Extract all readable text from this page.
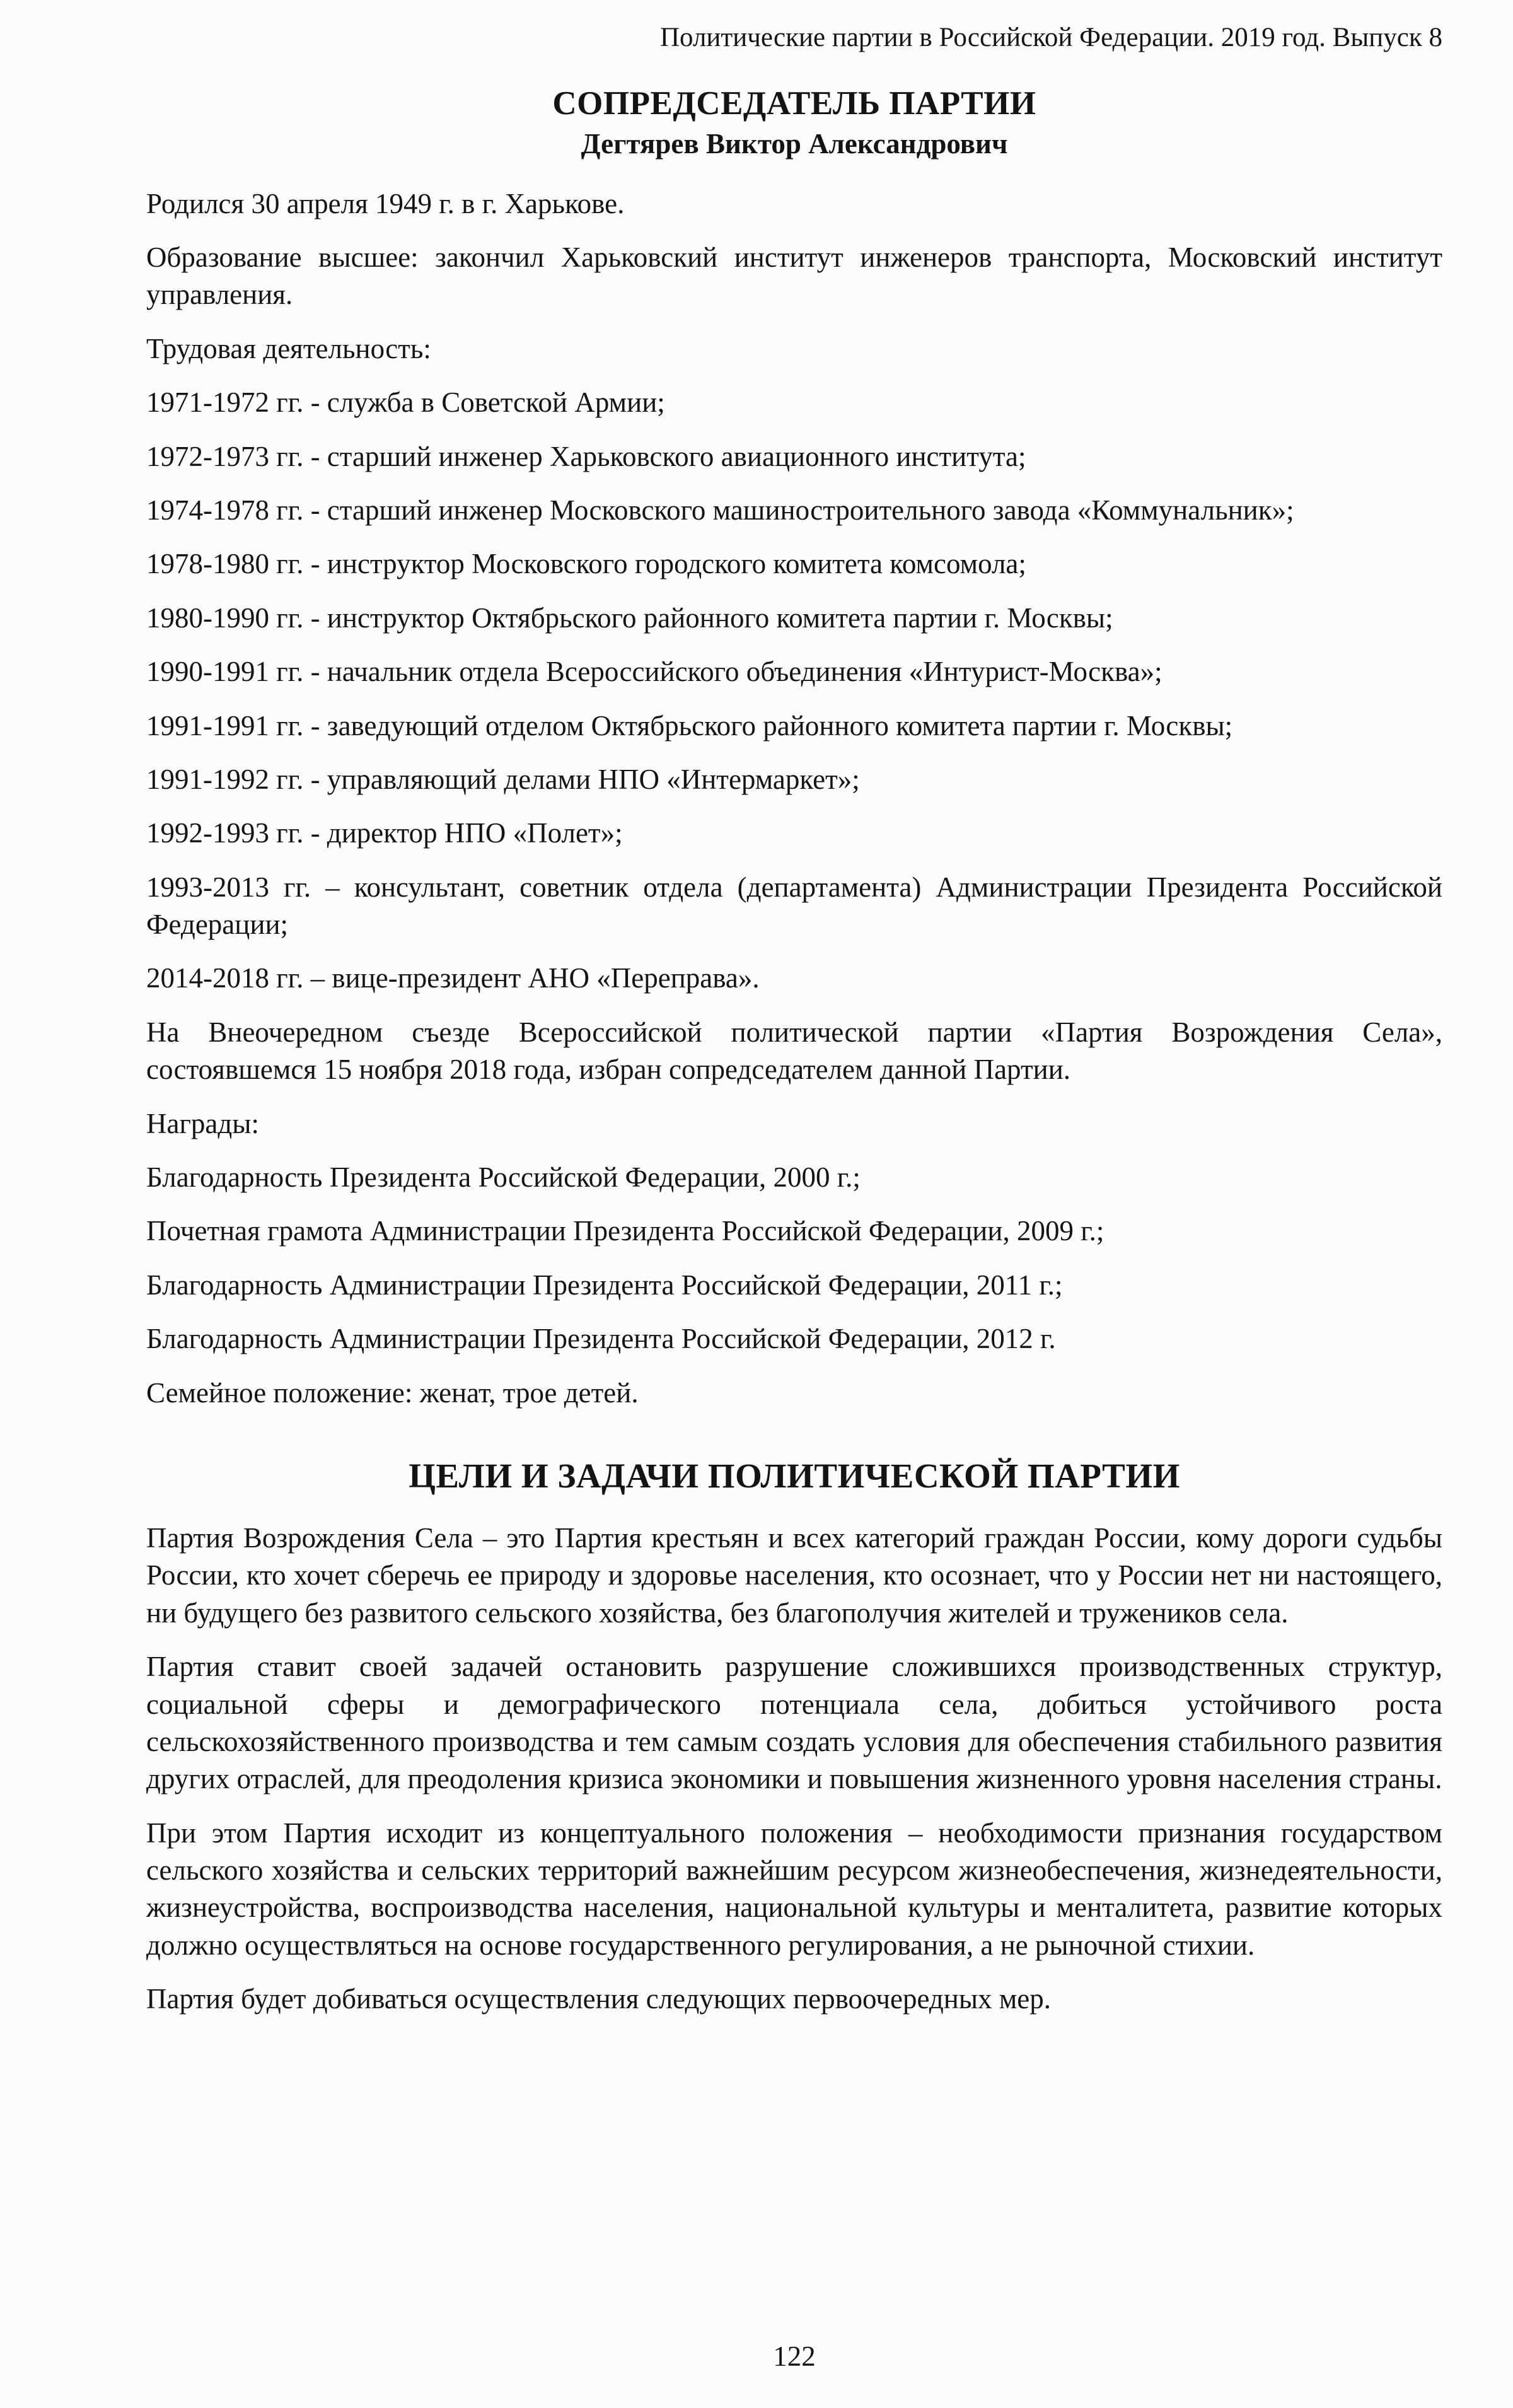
Политические партии в Российской Федерации. 2019 год. Выпуск 8
СОПРЕДСЕДАТЕЛЬ ПАРТИИ
Дегтярев Виктор Александрович

Родился 30 апреля 1949 г. в г. Харькове.

Образование высшее: закончил Харьковский институт инженеров транспорта, Московский институт управления.

Трудовая деятельность:

1971-1972 гг. - служба в Советской Армии;

1972-1973 гг. - старший инженер Харьковского авиационного института;

1974-1978 гг. - старший инженер Московского машиностроительного завода «Коммунальник»;

1978-1980 гг. - инструктор Московского городского комитета комсомола;

1980-1990 гг. - инструктор Октябрьского районного комитета партии г. Москвы;

1990-1991 гг. - начальник отдела Всероссийского объединения «Интурист-Москва»;

1991-1991 гг. - заведующий отделом Октябрьского районного комитета партии г. Москвы;

1991-1992 гг. - управляющий делами НПО «Интермаркет»;

1992-1993 гг. - директор НПО «Полет»;

1993-2013 гг. – консультант, советник отдела (департамента) Администрации Президента Российской Федерации;

2014-2018 гг. – вице-президент АНО «Переправа».

На Внеочередном съезде Всероссийской политической партии «Партия Возрождения Села», состоявшемся 15 ноября 2018 года, избран сопредседателем данной Партии.

Награды:

Благодарность Президента Российской Федерации, 2000 г.;

Почетная грамота Администрации Президента Российской Федерации, 2009 г.;

Благодарность Администрации Президента Российской Федерации, 2011 г.;

Благодарность Администрации Президента Российской Федерации, 2012 г.

Семейное положение: женат, трое детей.

ЦЕЛИ И ЗАДАЧИ ПОЛИТИЧЕСКОЙ ПАРТИИ

Партия Возрождения Села – это Партия крестьян и всех категорий граждан России, кому дороги судьбы России, кто хочет сберечь ее природу и здоровье населения, кто осознает, что у России нет ни настоящего, ни будущего без развитого сельского хозяйства, без благополучия жителей и тружеников села.

Партия ставит своей задачей остановить разрушение сложившихся производственных структур, социальной сферы и демографического потенциала села, добиться устойчивого роста сельскохозяйственного производства и тем самым создать условия для обеспечения стабильного развития других отраслей, для преодоления кризиса экономики и повышения жизненного уровня населения страны.

При этом Партия исходит из концептуального положения – необходимости признания государством сельского хозяйства и сельских территорий важнейшим ресурсом жизнеобеспечения, жизнедеятельности, жизнеустройства, воспроизводства населения, национальной культуры и менталитета, развитие которых должно осуществляться на основе государственного регулирования, а не рыночной стихии.

Партия будет добиваться осуществления следующих первоочередных мер.

122
